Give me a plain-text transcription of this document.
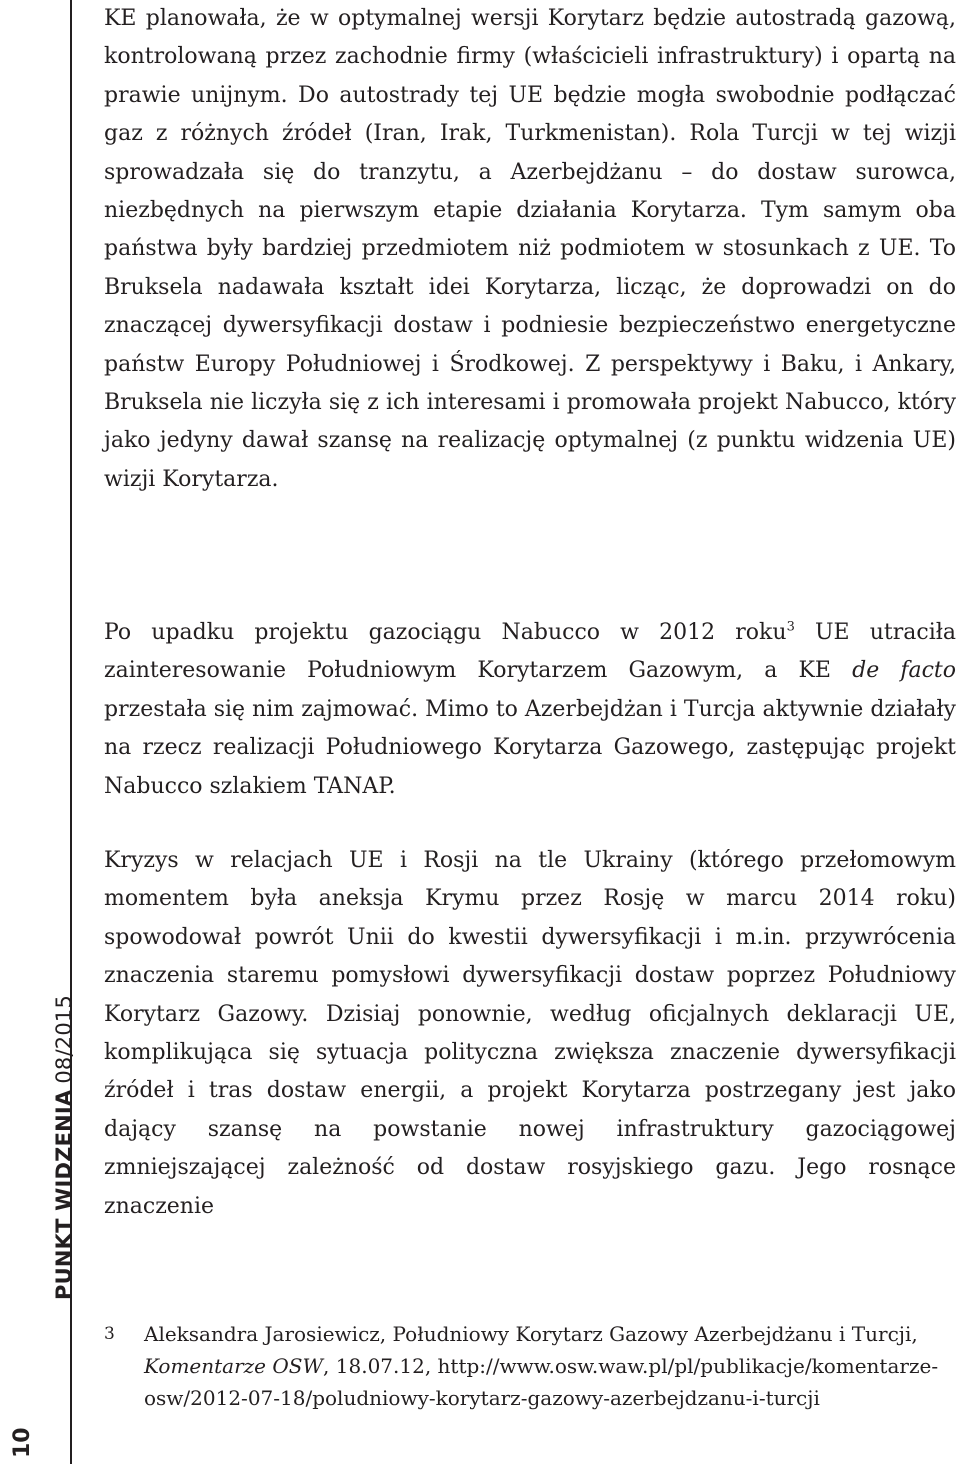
PUNKT WIDZENIA08/2015
10

KE planowała, że w optymalnej wersji Korytarz będzie autostradą gazową, kontrolowaną przez zachodnie firmy (właścicieli infrastruktury) i opartą na prawie unijnym. Do autostrady tej UE będzie mogła swobodnie podłączać gaz z różnych źródeł (Iran, Irak, Turkmenistan). Rola Turcji w tej wizji sprowadzała się do tranzytu, a Azerbejdżanu – do dostaw surowca, niezbędnych na pierwszym etapie działania Korytarza. Tym samym oba państwa były bardziej przedmiotem niż podmiotem w stosunkach z UE. To Bruksela nadawała kształt idei Korytarza, licząc, że doprowadzi on do znaczącej dywersyfikacji dostaw i podniesie bezpieczeństwo energetyczne państw Europy Południowej i Środkowej. Z perspektywy i Baku, i Ankary, Bruksela nie liczyła się z ich interesami i promowała projekt Nabucco, który jako jedyny dawał szansę na realizację optymalnej (z punktu widzenia UE) wizji Korytarza.

Po upadku projektu gazociągu Nabucco w 2012 roku$^3$ UE utraciła zainteresowanie Południowym Korytarzem Gazowym, a KE de facto przestała się nim zajmować. Mimo to Azerbejdżan i Turcja aktywnie działały na rzecz realizacji Południowego Korytarza Gazowego, zastępując projekt Nabucco szlakiem TANAP.

Kryzys w relacjach UE i Rosji na tle Ukrainy (którego przełomowym momentem była aneksja Krymu przez Rosję w marcu 2014 roku) spowodował powrót Unii do kwestii dywersyfikacji i m.in. przywrócenia znaczenia staremu pomysłowi dywersyfikacji dostaw poprzez Południowy Korytarz Gazowy. Dzisiaj ponownie, według oficjalnych deklaracji UE, komplikująca się sytuacja polityczna zwiększa znaczenie dywersyfikacji źródeł i tras dostaw energii, a projekt Korytarza postrzegany jest jako dający szansę na powstanie nowej infrastruktury gazociągowej zmniejszającej zależność od dostaw rosyjskiego gazu. Jego rosnące znaczenie

3 Aleksandra Jarosiewicz, Południowy Korytarz Gazowy Azerbejdżanu i Turcji, Komentarze OSW, 18.07.12, http://www.osw.waw.pl/pl/publikacje/komentarze-osw/2012-07-18/poludniowy-korytarz-gazowy-azerbejdzanu-i-turcji
